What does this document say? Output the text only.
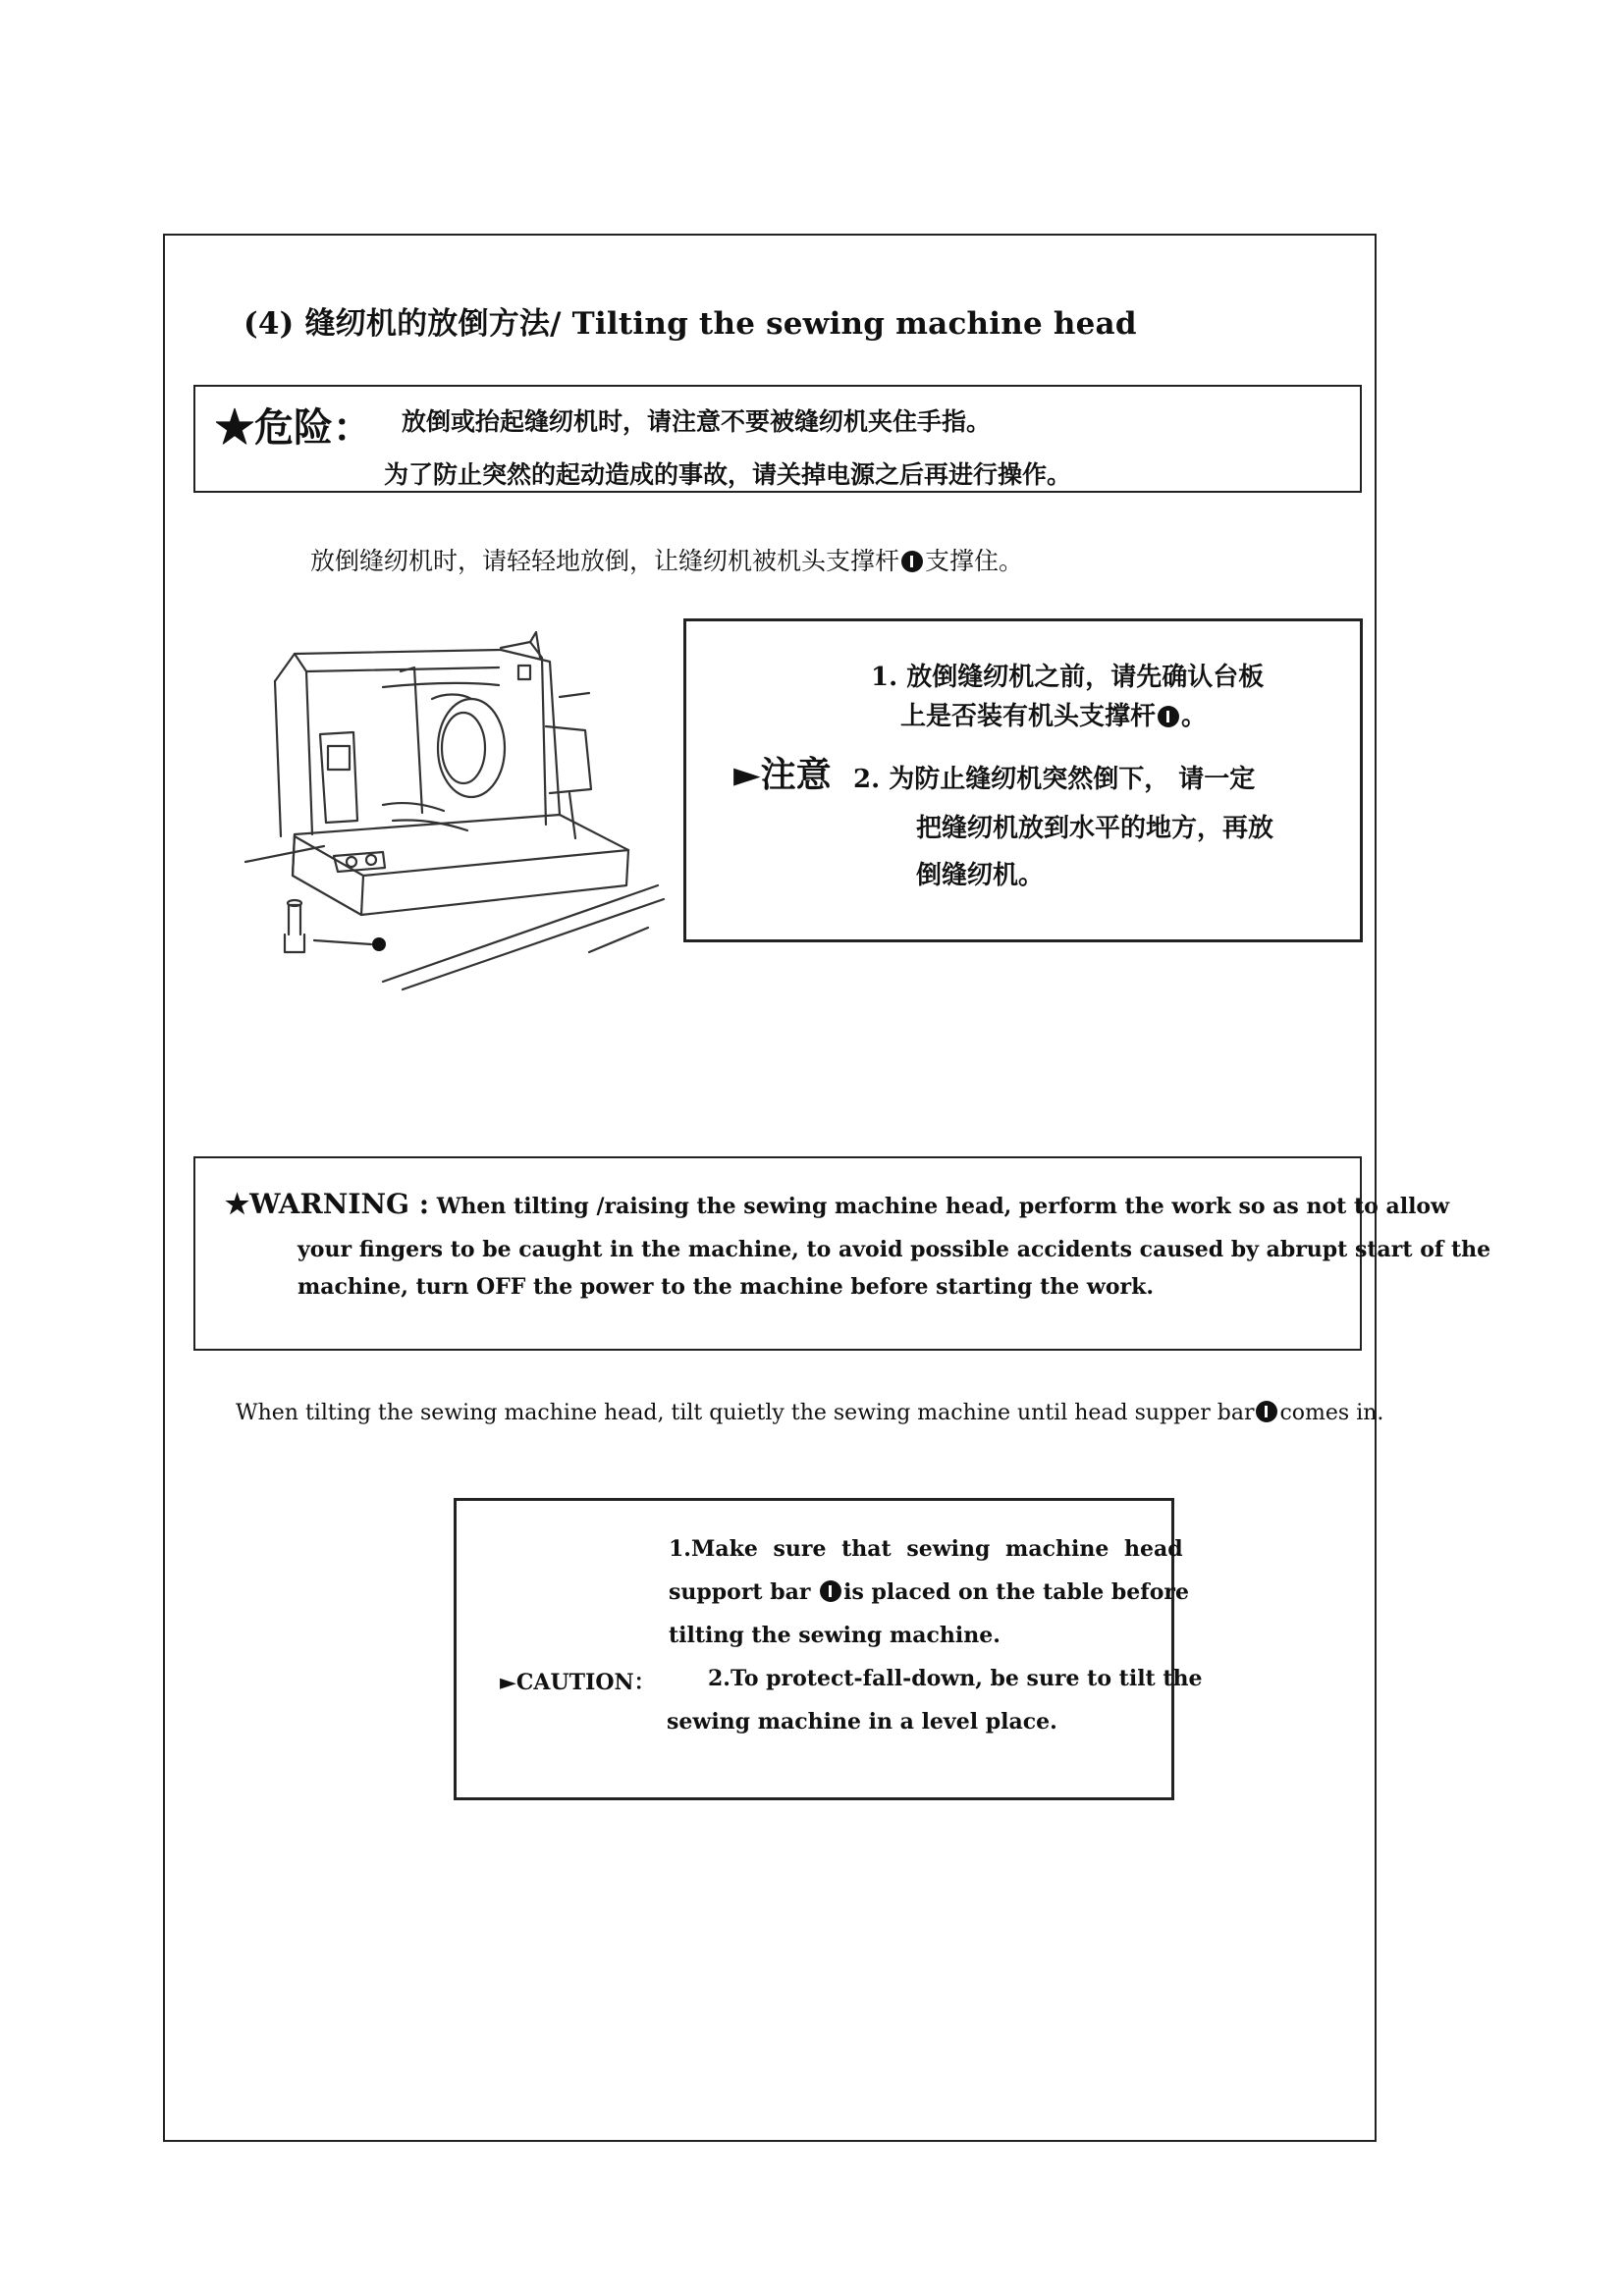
(4) 缝纫机的放倒方法/ Tilting the sewing machine head
★危险： 放倒或抬起缝纫机时，请注意不要被缝纫机夹住手指。
为了防止突然的起动造成的事故，请关掉电源之后再进行操作。
放倒缝纫机时，请轻轻地放倒，让缝纫机被机头支撑杆 支撑住。
1. 放倒缝纫机之前，请先确认台板
上是否装有机头支撑杆 。
►注意 2. 为防止缝纫机突然倒下， 请一定
把缝纫机放到水平的地方，再放
倒缝纫机。
★WARNING : When tilting /raising the sewing machine head, perform the work so as not to allow
your fingers to be caught in the machine, to avoid possible accidents caused by abrupt start of the
machine, turn OFF the power to the machine before starting the work.
When tilting the sewing machine head, tilt quietly the sewing machine until head supper bar comes in.
1.Make sure that sewing machine head
support bar is placed on the table before
tilting the sewing machine.
►CAUTION： 2.To protect-fall-down, be sure to tilt the
sewing machine in a level place.
